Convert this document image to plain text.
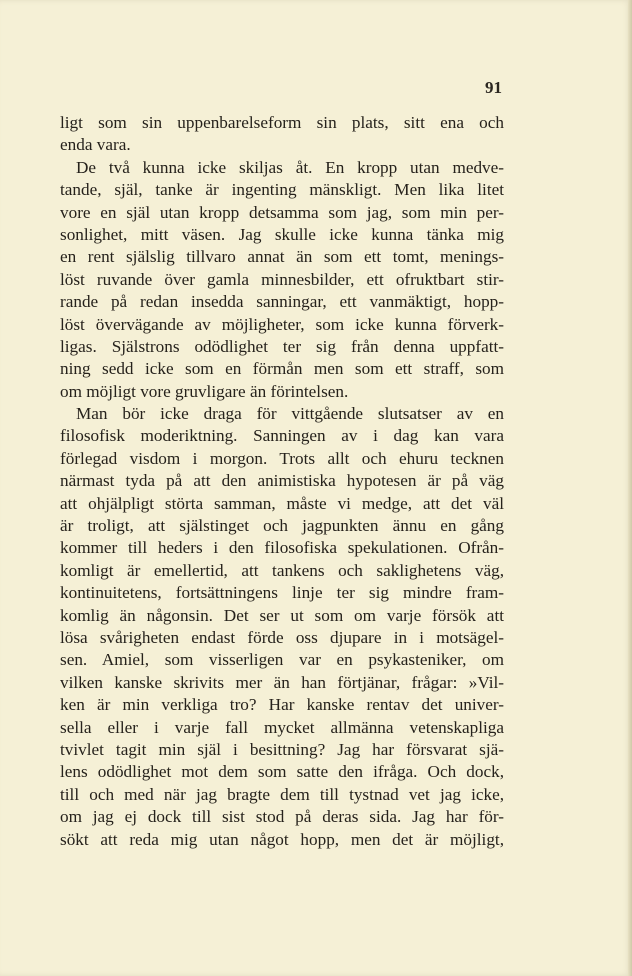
91
ligt som sin uppenbarelseform sin plats, sitt ena och
enda vara.
De två kunna icke skiljas åt. En kropp utan medve-
tande, själ, tanke är ingenting mänskligt. Men lika litet
vore en själ utan kropp detsamma som jag, som min per-
sonlighet, mitt väsen. Jag skulle icke kunna tänka mig
en rent själslig tillvaro annat än som ett tomt, menings-
löst ruvande över gamla minnesbilder, ett ofruktbart stir-
rande på redan insedda sanningar, ett vanmäktigt, hopp-
löst övervägande av möjligheter, som icke kunna förverk-
ligas. Själstrons odödlighet ter sig från denna uppfatt-
ning sedd icke som en förmån men som ett straff, som
om möjligt vore gruvligare än förintelsen.
Man bör icke draga för vittgående slutsatser av en
filosofisk moderiktning. Sanningen av i dag kan vara
förlegad visdom i morgon. Trots allt och ehuru tecknen
närmast tyda på att den animistiska hypotesen är på väg
att ohjälpligt störta samman, måste vi medge, att det väl
är troligt, att själstinget och jagpunkten ännu en gång
kommer till heders i den filosofiska spekulationen. Ofrån-
komligt är emellertid, att tankens och saklighetens väg,
kontinuitetens, fortsättningens linje ter sig mindre fram-
komlig än någonsin. Det ser ut som om varje försök att
lösa svårigheten endast förde oss djupare in i motsägel-
sen. Amiel, som visserligen var en psykasteniker, om
vilken kanske skrivits mer än han förtjänar, frågar: »Vil-
ken är min verkliga tro? Har kanske rentav det univer-
sella eller i varje fall mycket allmänna vetenskapliga
tvivlet tagit min själ i besittning? Jag har försvarat sjä-
lens odödlighet mot dem som satte den ifråga. Och dock,
till och med när jag bragte dem till tystnad vet jag icke,
om jag ej dock till sist stod på deras sida. Jag har för-
sökt att reda mig utan något hopp, men det är möjligt,
